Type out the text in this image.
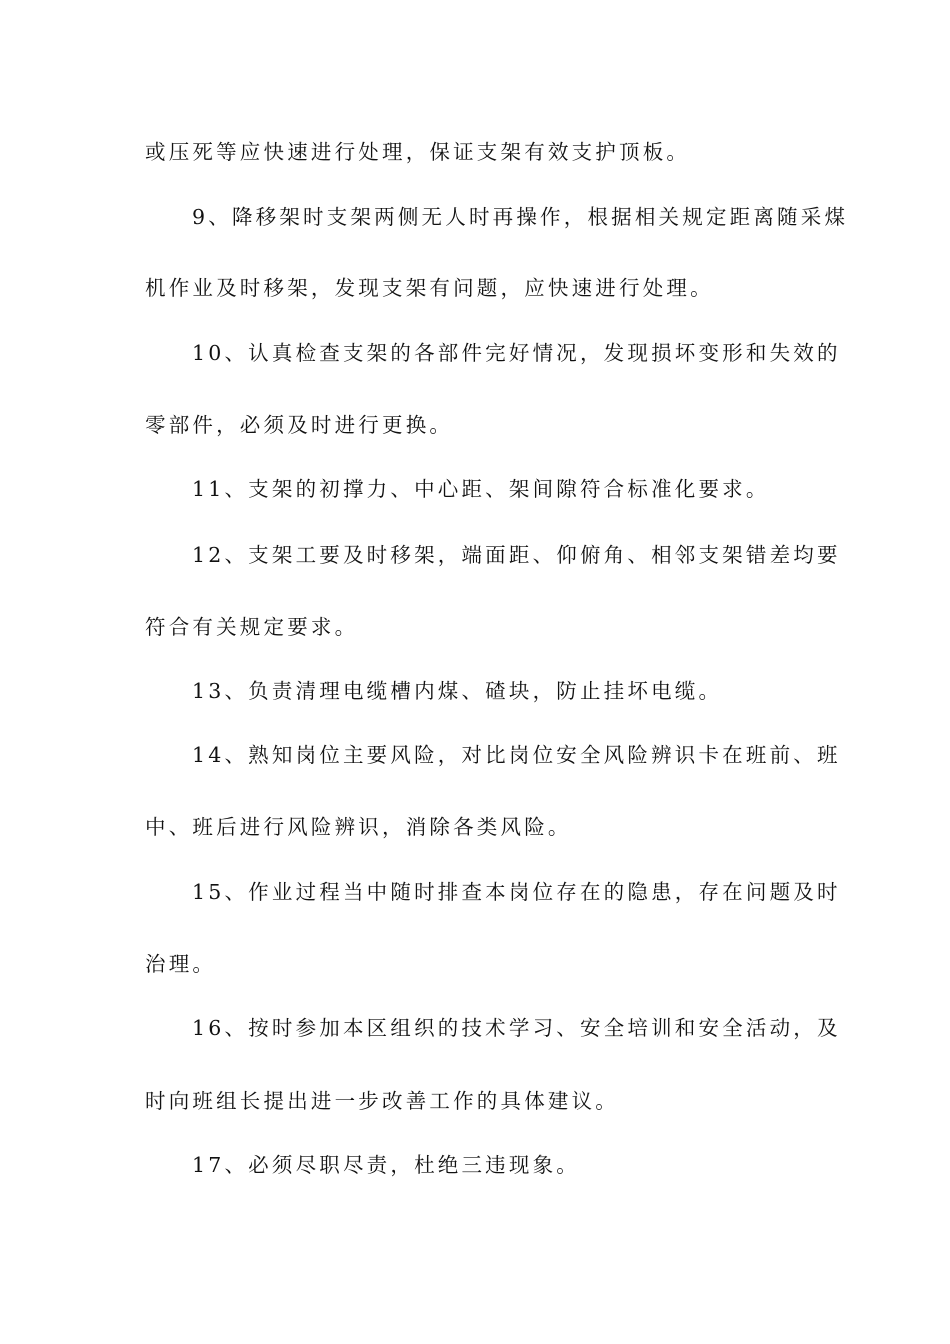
或压死等应快速进行处理，保证支架有效支护顶板。
9、降移架时支架两侧无人时再操作，根据相关规定距离随采煤
机作业及时移架，发现支架有问题，应快速进行处理。
10、认真检查支架的各部件完好情况，发现损坏变形和失效的
零部件，必须及时进行更换。
11、支架的初撑力、中心距、架间隙符合标准化要求。
12、支架工要及时移架，端面距、仰俯角、相邻支架错差均要
符合有关规定要求。
13、负责清理电缆槽内煤、碴块，防止挂坏电缆。
14、熟知岗位主要风险，对比岗位安全风险辨识卡在班前、班
中、班后进行风险辨识，消除各类风险。
15、作业过程当中随时排查本岗位存在的隐患，存在问题及时
治理。
16、按时参加本区组织的技术学习、安全培训和安全活动，及
时向班组长提出进一步改善工作的具体建议。
17、必须尽职尽责，杜绝三违现象。
